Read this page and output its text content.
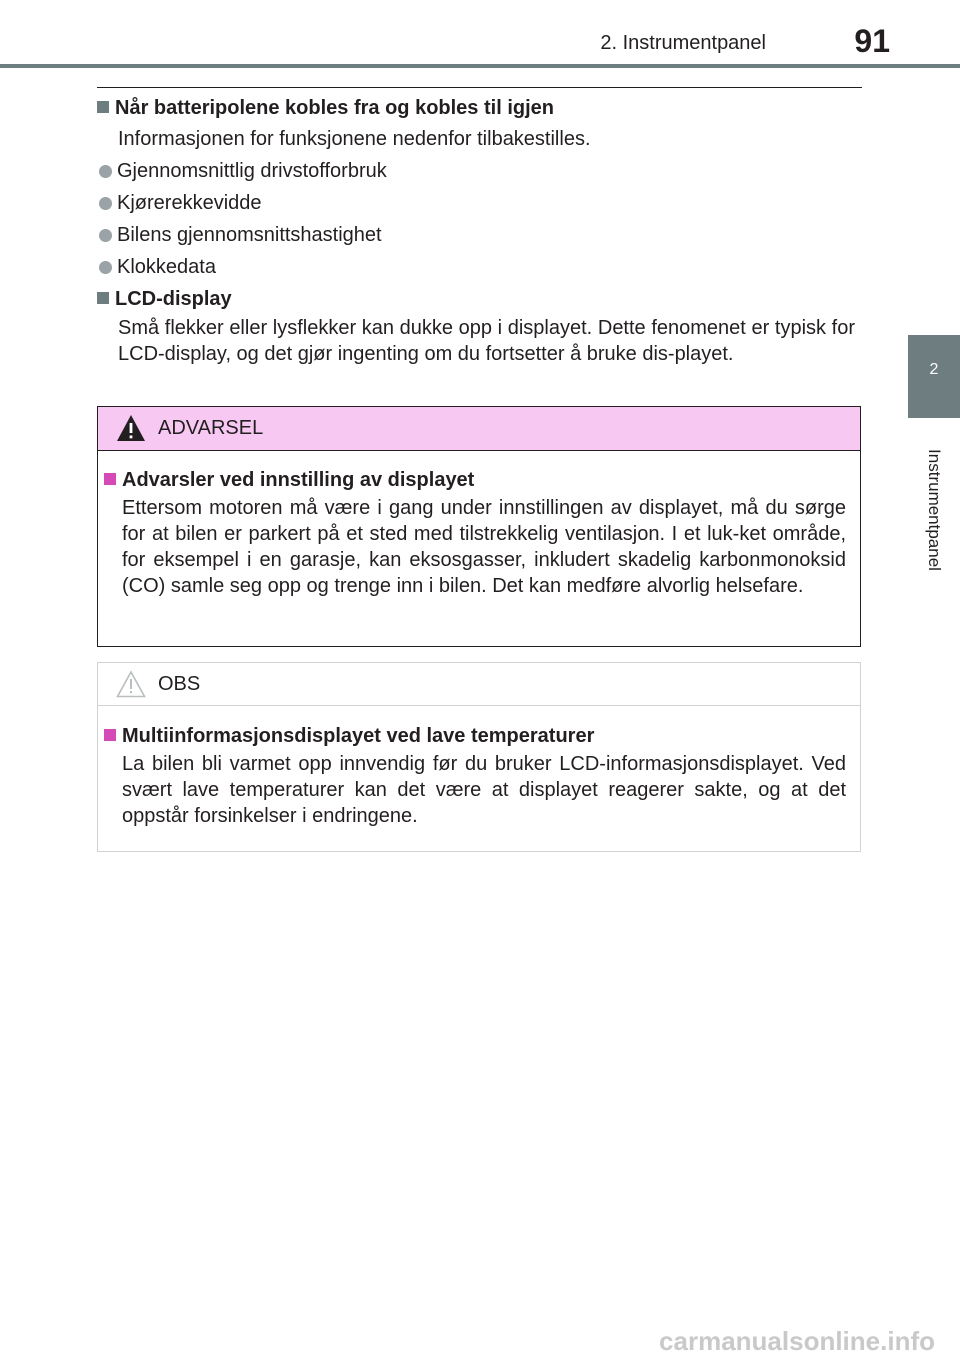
2. Instrumentpanel	91
2
Instrumentpanel
Når batteripolene kobles fra og kobles til igjen
Informasjonen for funksjonene nedenfor tilbakestilles.
Gjennomsnittlig drivstofforbruk
Kjørerekkevidde
Bilens gjennomsnittshastighet
Klokkedata
LCD-display
Små flekker eller lysflekker kan dukke opp i displayet. Dette fenomenet er typisk for LCD-display, og det gjør ingenting om du fortsetter å bruke dis-playet.
ADVARSEL
Advarsler ved innstilling av displayet
Ettersom motoren må være i gang under innstillingen av displayet, må du sørge for at bilen er parkert på et sted med tilstrekkelig ventilasjon. I et luk-ket område, for eksempel i en garasje, kan eksosgasser, inkludert skadelig karbonmonoksid (CO) samle seg opp og trenge inn i bilen. Det kan medføre alvorlig helsefare.
OBS
Multiinformasjonsdisplayet ved lave temperaturer
La bilen bli varmet opp innvendig før du bruker LCD-informasjonsdisplayet. Ved svært lave temperaturer kan det være at displayet reagerer sakte, og at det oppstår forsinkelser i endringene.
carmanualsonline.info
